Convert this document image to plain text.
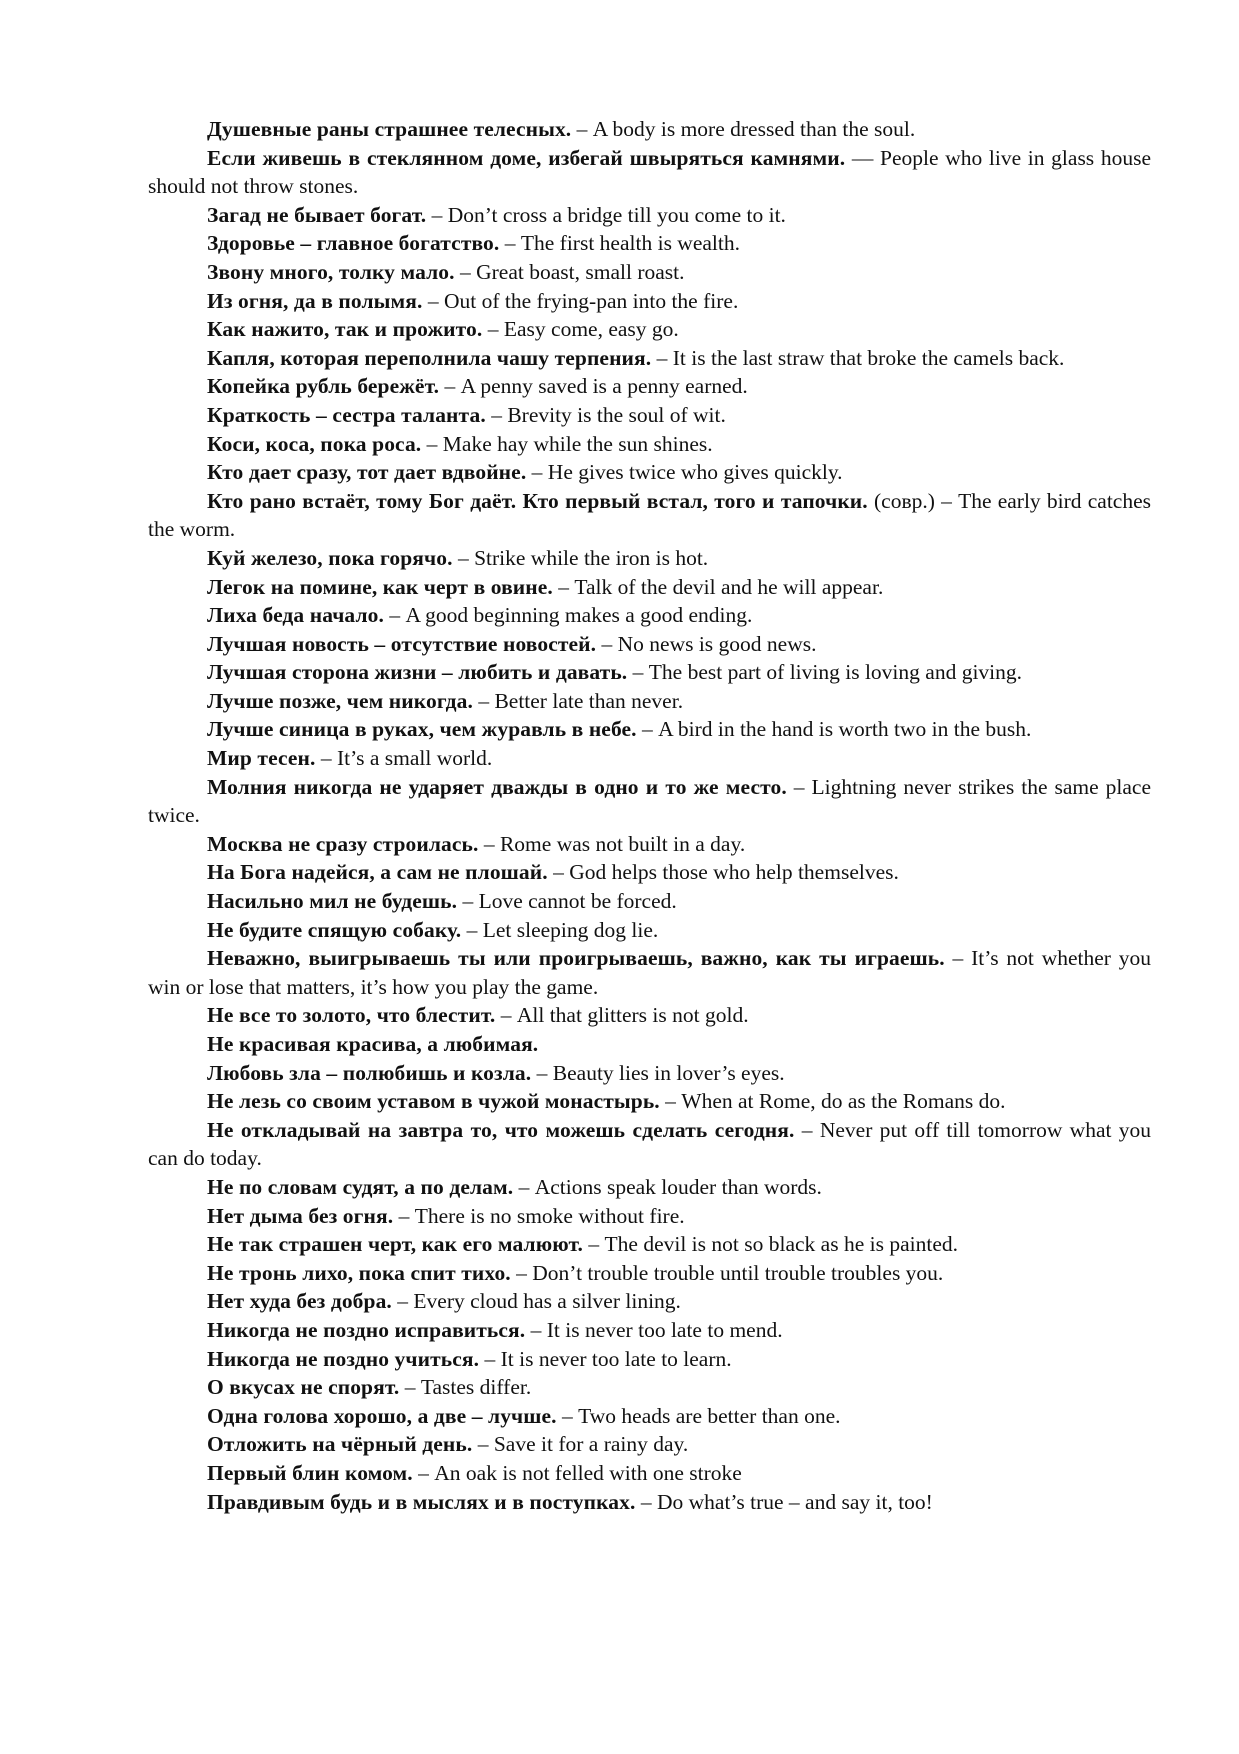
Душевные раны страшнее телесных. – A body is more dressed than the soul.

Если живешь в стеклянном доме, избегай швыряться камнями. — People who live in glass house should not throw stones.

Загад не бывает богат. – Don’t cross a bridge till you come to it.

Здоровье – главное богатство. – The first health is wealth.

Звону много, толку мало. – Great boast, small roast.

Из огня, да в полымя. – Out of the frying-pan into the fire.

Как нажито, так и прожито. – Easy come, easy go.

Капля, которая переполнила чашу терпения. – It is the last straw that broke the camels back.

Копейка рубль бережёт. – A penny saved is a penny earned.

Краткость – сестра таланта. – Brevity is the soul of wit.

Коси, коса, пока роса. – Make hay while the sun shines.

Кто дает сразу, тот дает вдвойне. – He gives twice who gives quickly.

Кто рано встаёт, тому Бог даёт. Кто первый встал, того и тапочки. (совр.) – The early bird catches the worm.

Куй железо, пока горячо. – Strike while the iron is hot.

Легок на помине, как черт в овине. – Talk of the devil and he will appear.

Лиха беда начало. – A good beginning makes a good ending.

Лучшая новость – отсутствие новостей. – No news is good news.

Лучшая сторона жизни – любить и давать. – The best part of living is loving and giving.

Лучше позже, чем никогда. – Better late than never.

Лучше синица в руках, чем журавль в небе. – A bird in the hand is worth two in the bush.

Мир тесен. – It’s a small world.

Молния никогда не ударяет дважды в одно и то же место. – Lightning never strikes the same place twice.

Москва не сразу строилась. – Rome was not built in a day.

На Бога надейся, а сам не плошай. – God helps those who help themselves.

Насильно мил не будешь. – Love cannot be forced.

Не будите спящую собаку. – Let sleeping dog lie.

Неважно, выигрываешь ты или проигрываешь, важно, как ты играешь. – It’s not whether you win or lose that matters, it’s how you play the game.

Не все то золото, что блестит. – All that glitters is not gold.

Не красивая красива, а любимая.

Любовь зла – полюбишь и козла. – Beauty lies in lover’s eyes.

Не лезь со своим уставом в чужой монастырь. – When at Rome, do as the Romans do.

Не откладывай на завтра то, что можешь сделать сегодня. – Never put off till tomorrow what you can do today.

Не по словам судят, а по делам. – Actions speak louder than words.

Нет дыма без огня. – There is no smoke without fire.

Не так страшен черт, как его малюют. – The devil is not so black as he is painted.

Не тронь лихо, пока спит тихо. – Don’t trouble trouble until trouble troubles you.

Нет худа без добра. – Every cloud has a silver lining.

Никогда не поздно исправиться. – It is never too late to mend.

Никогда не поздно учиться. – It is never too late to learn.

О вкусах не спорят. – Tastes differ.

Одна голова хорошо, а две – лучше. – Two heads are better than one.

Отложить на чёрный день. – Save it for a rainy day.

Первый блин комом. – An oak is not felled with one stroke

Правдивым будь и в мыслях и в поступках. – Do what’s true – and say it, too!
